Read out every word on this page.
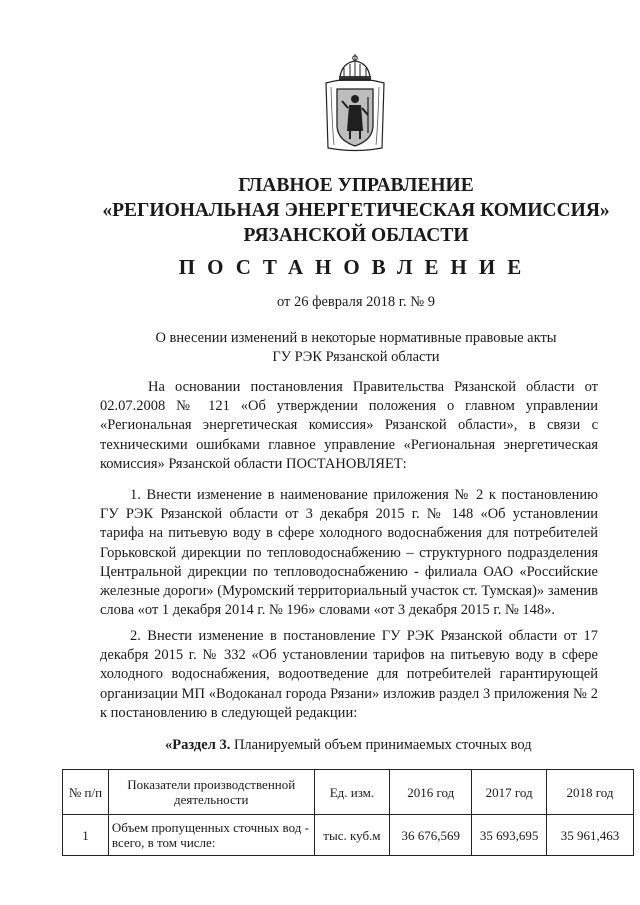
ГЛАВНОЕ УПРАВЛЕНИЕ
«РЕГИОНАЛЬНАЯ ЭНЕРГЕТИЧЕСКАЯ КОМИССИЯ»
РЯЗАНСКОЙ ОБЛАСТИ
ПОСТАНОВЛЕНИЕ
от 26 февраля 2018 г. № 9
О внесении изменений в некоторые нормативные правовые акты
ГУ РЭК Рязанской области

На основании постановления Правительства Рязанской области от 02.07.2008 № 121 «Об утверждении положения о главном управлении «Региональная энергетическая комиссия» Рязанской области», в связи с техническими ошибками главное управление «Региональная энергетическая комиссия» Рязанской области ПОСТАНОВЛЯЕТ:

1. Внести изменение в наименование приложения № 2 к постановлению ГУ РЭК Рязанской области от 3 декабря 2015 г. № 148 «Об установлении тарифа на питьевую воду в сфере холодного водоснабжения для потребителей Горьковской дирекции по тепловодоснабжению – структурного подразделения Центральной дирекции по тепловодоснабжению - филиала ОАО «Российские железные дороги» (Муромский территориальный участок ст. Тумская)» заменив слова «от 1 декабря 2014 г. № 196» словами «от 3 декабря 2015 г. № 148».

2. Внести изменение в постановление ГУ РЭК Рязанской области от 17 декабря 2015 г. № 332 «Об установлении тарифов на питьевую воду в сфере холодного водоснабжения, водоотведение для потребителей гарантирующей организации МП «Водоканал города Рязани» изложив раздел 3 приложения № 2 к постановлению в следующей редакции:

«Раздел 3. Планируемый объем принимаемых сточных вод
№ п/п	Показатели производственной деятельности	Ед. изм.	2016 год	2017 год	2018 год
1	Объем пропущенных сточных вод - всего, в том числе:	тыс. куб.м	36 676,569	35 693,695	35 961,463
